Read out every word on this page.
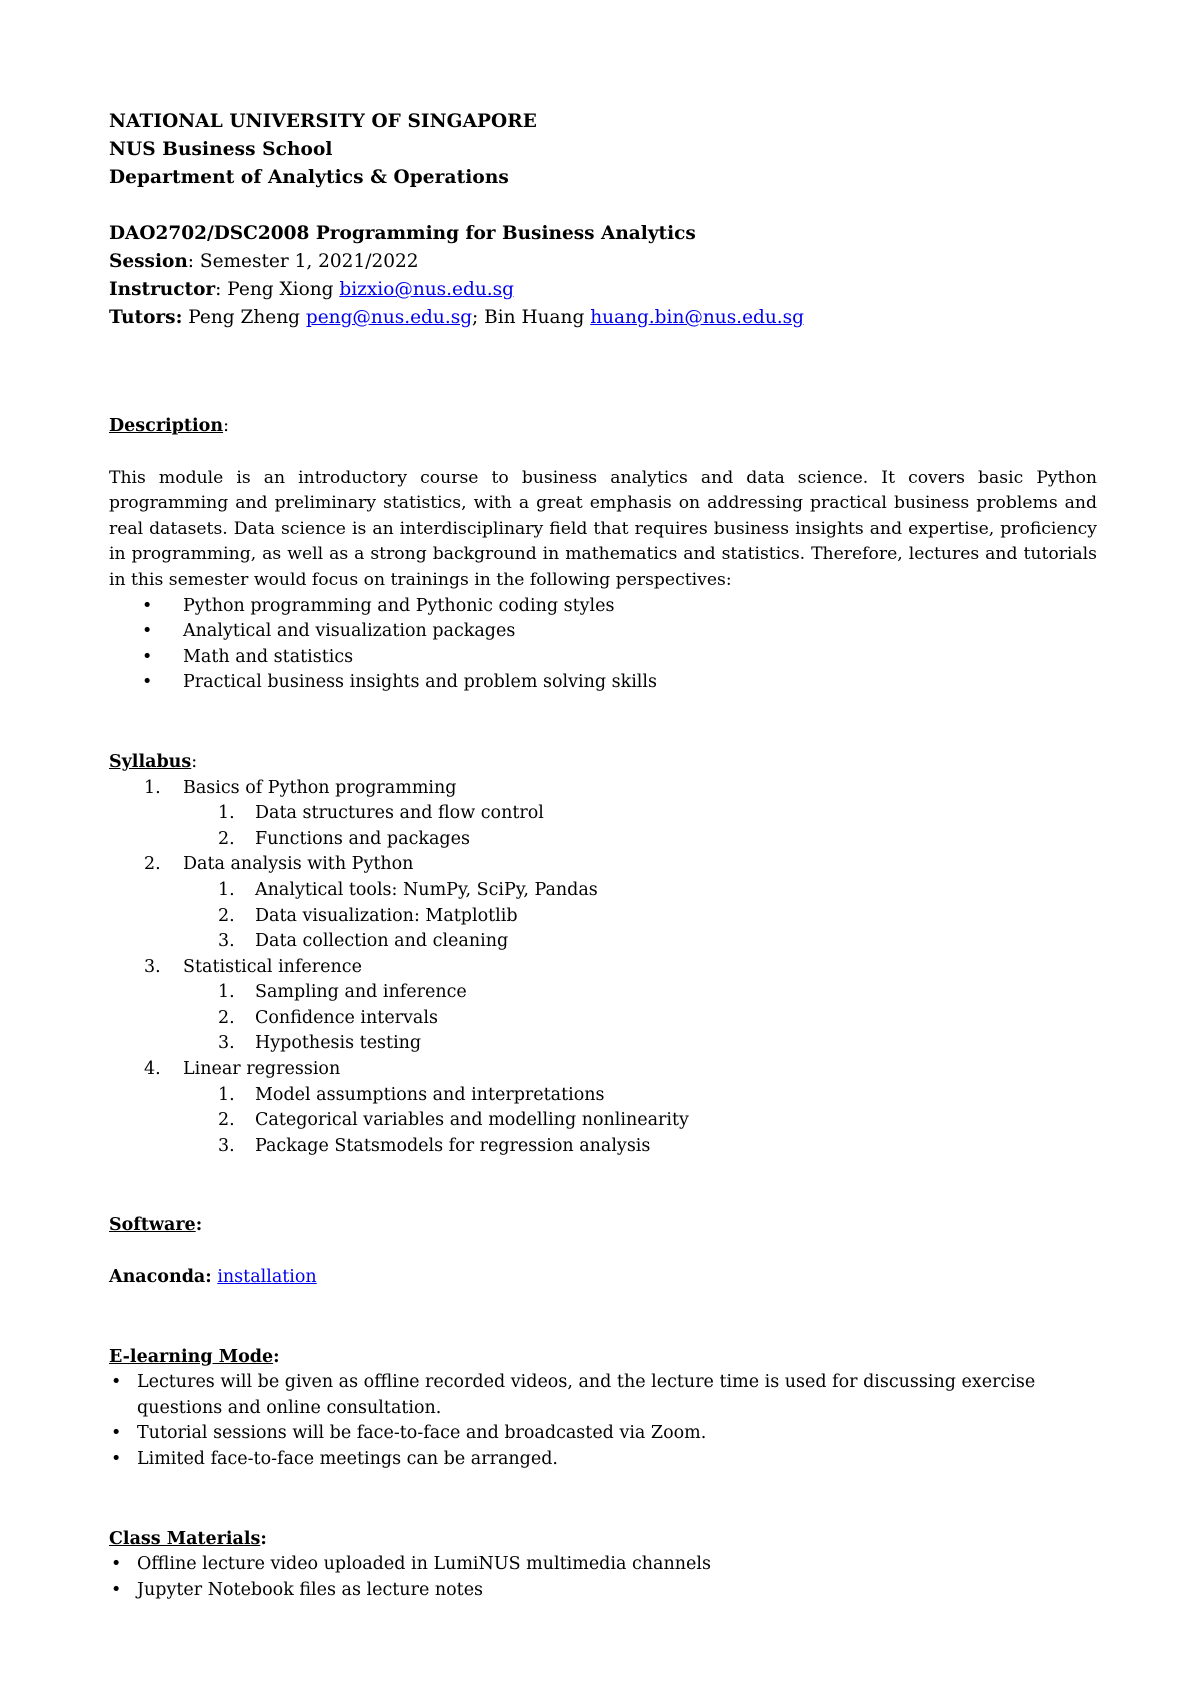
NATIONAL UNIVERSITY OF SINGAPORE

NUS Business School

Department of Analytics & Operations

DAO2702/DSC2008 Programming for Business Analytics

Session: Semester 1, 2021/2022

Instructor: Peng Xiong bizxio@nus.edu.sg

Tutors: Peng Zheng peng@nus.edu.sg; Bin Huang huang.bin@nus.edu.sg

Description:

This module is an introductory course to business analytics and data science. It covers basic Python programming and preliminary statistics, with a great emphasis on addressing practical business problems and real datasets. Data science is an interdisciplinary field that requires business insights and expertise, proficiency in programming, as well as a strong background in mathematics and statistics. Therefore, lectures and tutorials in this semester would focus on trainings in the following perspectives:

• Python programming and Pythonic coding styles
• Analytical and visualization packages
• Math and statistics
• Practical business insights and problem solving skills

Syllabus:

1. Basics of Python programming
1. Data structures and flow control
2. Functions and packages
2. Data analysis with Python
1. Analytical tools: NumPy, SciPy, Pandas
2. Data visualization: Matplotlib
3. Data collection and cleaning
3. Statistical inference
1. Sampling and inference
2. Confidence intervals
3. Hypothesis testing
4. Linear regression
1. Model assumptions and interpretations
2. Categorical variables and modelling nonlinearity
3. Package Statsmodels for regression analysis

Software:

Anaconda: installation

E-learning Mode:

• Lectures will be given as offline recorded videos, and the lecture time is used for discussing exercise questions and online consultation.
• Tutorial sessions will be face-to-face and broadcasted via Zoom.
• Limited face-to-face meetings can be arranged.

Class Materials:

• Offline lecture video uploaded in LumiNUS multimedia channels
• Jupyter Notebook files as lecture notes
